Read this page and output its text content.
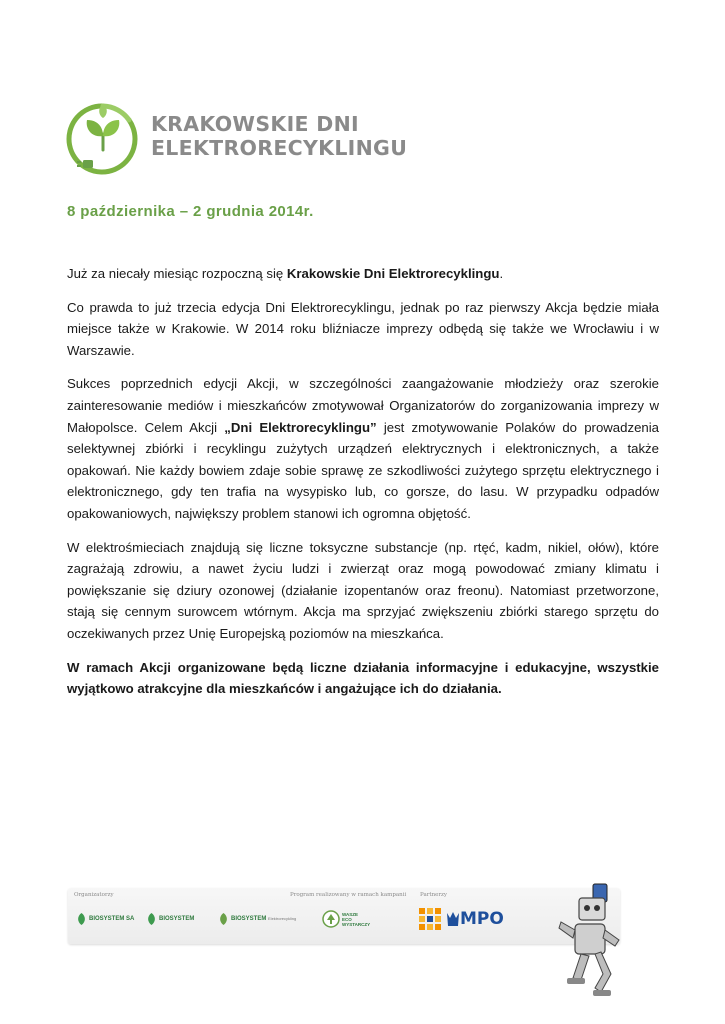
KRAKOWSKIE DNI
ELEKTRORECYKLINGU
8 października – 2 grudnia 2014r.

Już za niecały miesiąc rozpoczną się Krakowskie Dni Elektrorecyklingu.

Co prawda to już trzecia edycja Dni Elektrorecyklingu, jednak po raz pierwszy Akcja będzie miała miejsce także w Krakowie. W 2014 roku bliźniacze imprezy odbędą się także we Wrocławiu i w Warszawie.

Sukces poprzednich edycji Akcji, w szczególności zaangażowanie młodzieży oraz szerokie zainteresowanie mediów i mieszkańców zmotywował Organizatorów do zorganizowania imprezy w Małopolsce. Celem Akcji „Dni Elektrorecyklingu” jest zmotywowanie Polaków do prowadzenia selektywnej zbiórki i recyklingu zużytych urządzeń elektrycznych i elektronicznych, a także opakowań. Nie każdy bowiem zdaje sobie sprawę ze szkodliwości zużytego sprzętu elektrycznego i elektronicznego, gdy ten trafia na wysypisko lub, co gorsze, do lasu. W przypadku odpadów opakowaniowych, największy problem stanowi ich ogromna objętość.

W elektrośmieciach znajdują się liczne toksyczne substancje (np. rtęć, kadm, nikiel, ołów), które zagrażają zdrowiu, a nawet życiu ludzi i zwierząt oraz mogą powodować zmiany klimatu i powiększanie się dziury ozonowej (działanie izopentanów oraz freonu). Natomiast przetworzone, stają się cennym surowcem wtórnym. Akcja ma sprzyjać zwiększeniu zbiórki starego sprzętu do oczekiwanych przez Unię Europejską poziomów na mieszkańca.

W ramach Akcji organizowane będą liczne działania informacyjne i edukacyjne, wszystkie wyjątkowo atrakcyjne dla mieszkańców i angażujące ich do działania.

Organizatorzy	Program realizowany w ramach kampanii	Partnerzy
BIOSYSTEM SA	BIOSYSTEM	BIOSYSTEM Elektrorecykling
WASZE
ECO
WYSTARCZY	MPO
